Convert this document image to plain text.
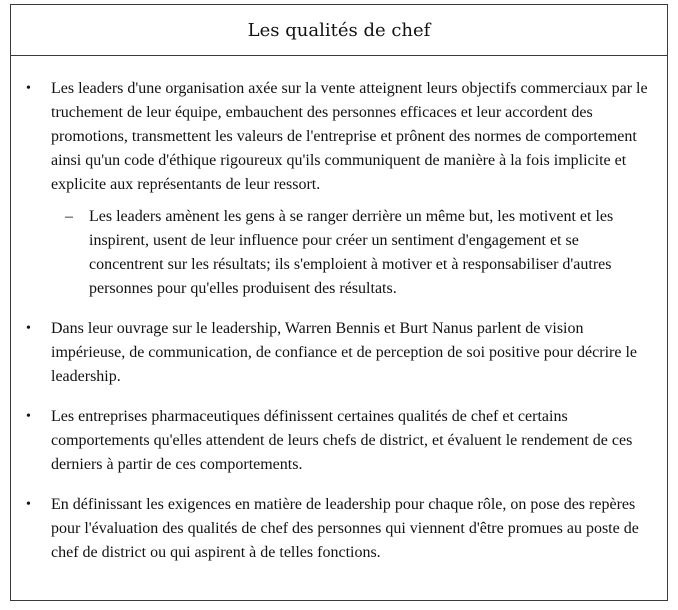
Les qualités de chef
• Les leaders d'une organisation axée sur la vente atteignent leurs objectifs commerciaux par le truchement de leur équipe, embauchent des personnes efficaces et leur accordent des promotions, transmettent les valeurs de l'entreprise et prônent des normes de comportement ainsi qu'un code d'éthique rigoureux qu'ils communiquent de manière à la fois implicite et explicite aux représentants de leur ressort.
– Les leaders amènent les gens à se ranger derrière un même but, les motivent et les inspirent, usent de leur influence pour créer un sentiment d'engagement et se concentrent sur les résultats; ils s'emploient à motiver et à responsabiliser d'autres personnes pour qu'elles produisent des résultats.
• Dans leur ouvrage sur le leadership, Warren Bennis et Burt Nanus parlent de vision impérieuse, de communication, de confiance et de perception de soi positive pour décrire le leadership.
• Les entreprises pharmaceutiques définissent certaines qualités de chef et certains comportements qu'elles attendent de leurs chefs de district, et évaluent le rendement de ces derniers à partir de ces comportements.
• En définissant les exigences en matière de leadership pour chaque rôle, on pose des repères pour l'évaluation des qualités de chef des personnes qui viennent d'être promues au poste de chef de district ou qui aspirent à de telles fonctions.
